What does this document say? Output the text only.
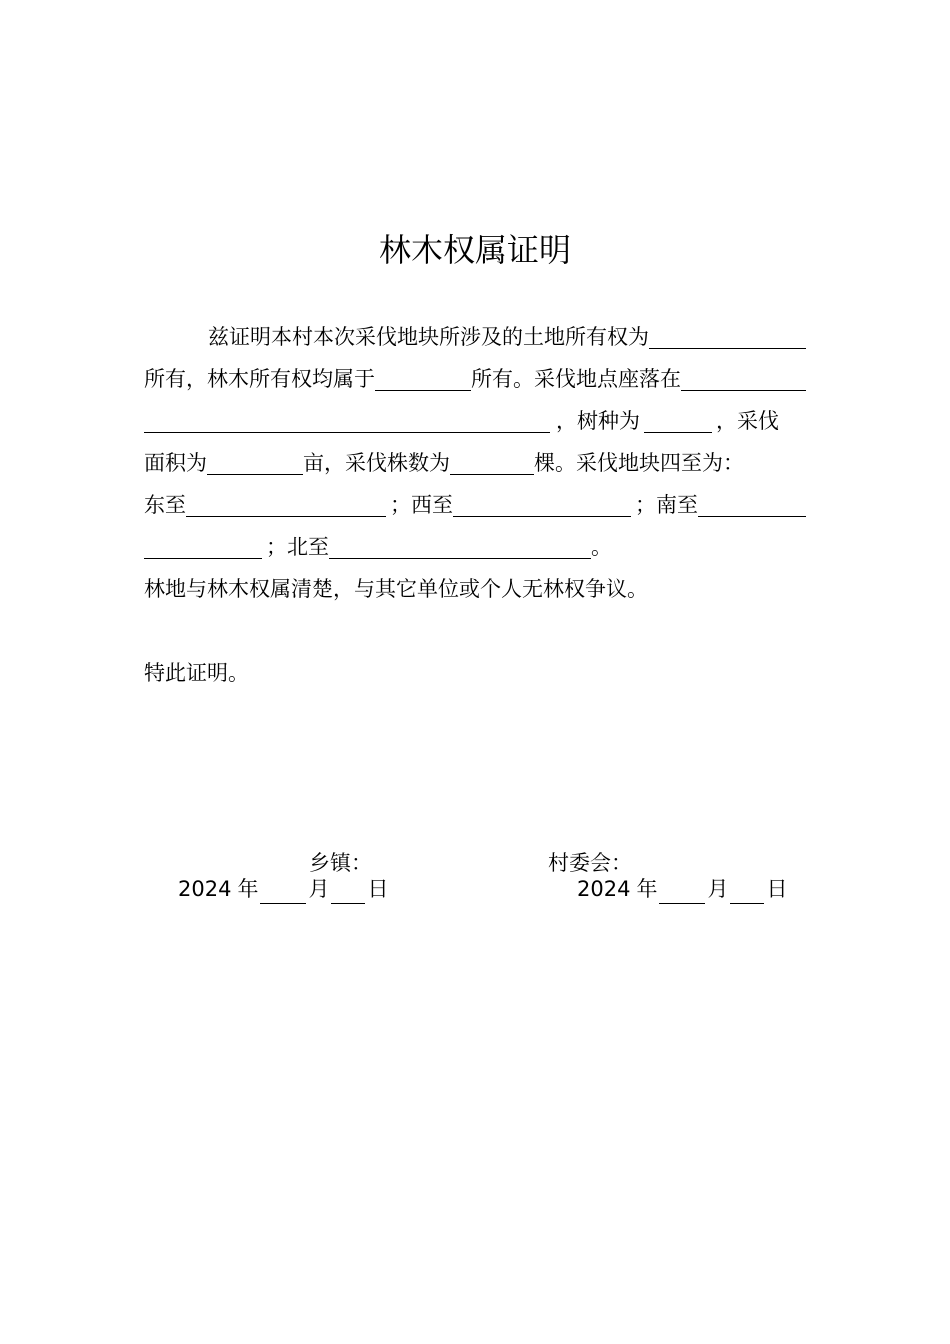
林木权属证明
兹证明本村本次采伐地块所涉及的土地所有权为
所有，林木所有权均属于	所有。采伐地点座落在
，树种为	，采伐
面积为	亩，采伐株数为	棵。采伐地块四至为：
东至	；西至	；南至
；北至	。
林地与林木权属清楚，与其它单位或个人无林权争议。
特此证明。
乡镇：
2024 年 月 日
村委会：
2024 年 月 日
